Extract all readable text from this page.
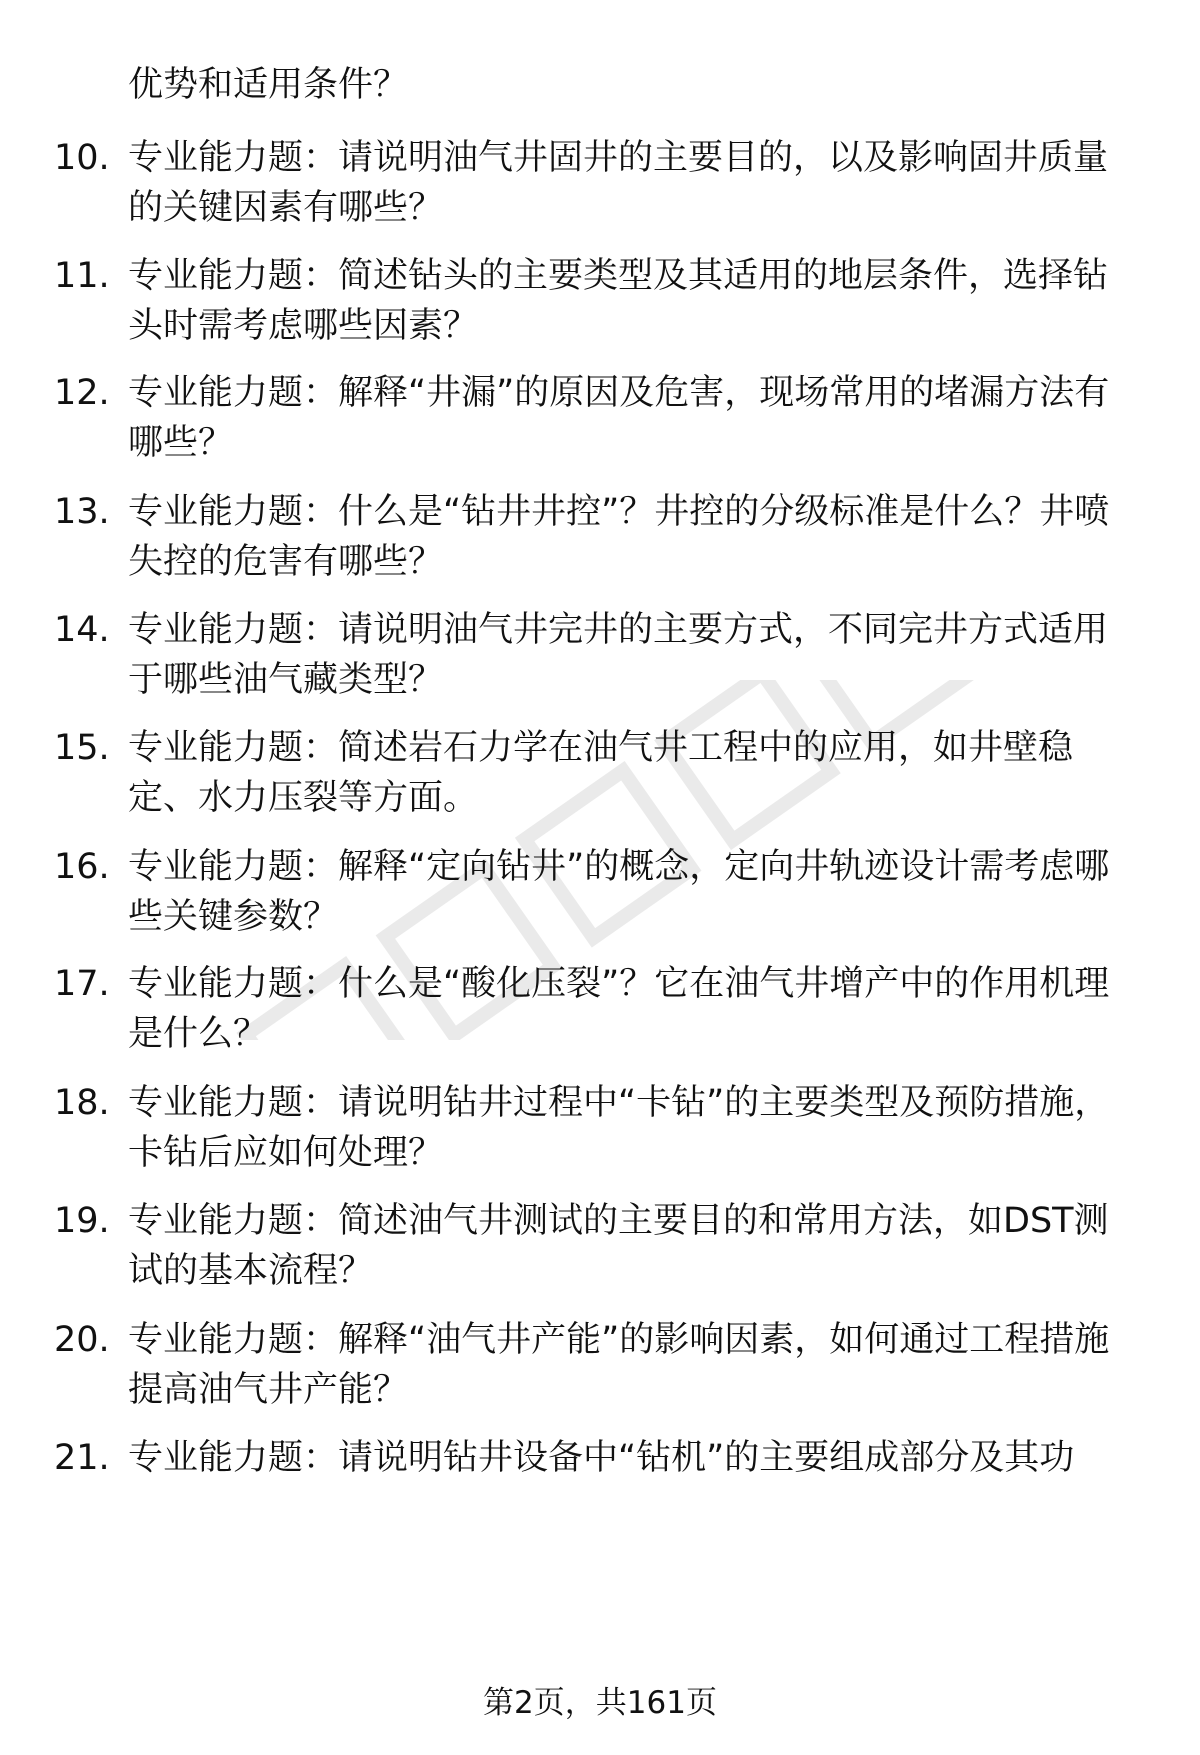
优势和适用条件？
10. 专业能力题：请说明油气井固井的主要目的，以及影响固井质量的关键因素有哪些？
11. 专业能力题：简述钻头的主要类型及其适用的地层条件，选择钻头时需考虑哪些因素？
12. 专业能力题：解释“井漏”的原因及危害，现场常用的堵漏方法有哪些？
13. 专业能力题：什么是“钻井井控”？井控的分级标准是什么？井喷失控的危害有哪些？
14. 专业能力题：请说明油气井完井的主要方式，不同完井方式适用于哪些油气藏类型？
15. 专业能力题：简述岩石力学在油气井工程中的应用，如井壁稳定、水力压裂等方面。
16. 专业能力题：解释“定向钻井”的概念，定向井轨迹设计需考虑哪些关键参数？
17. 专业能力题：什么是“酸化压裂”？它在油气井增产中的作用机理是什么？
18. 专业能力题：请说明钻井过程中“卡钻”的主要类型及预防措施，卡钻后应如何处理？
19. 专业能力题：简述油气井测试的主要目的和常用方法，如DST测试的基本流程？
20. 专业能力题：解释“油气井产能”的影响因素，如何通过工程措施提高油气井产能？
21. 专业能力题：请说明钻井设备中“钻机”的主要组成部分及其功
第2页，共161页
